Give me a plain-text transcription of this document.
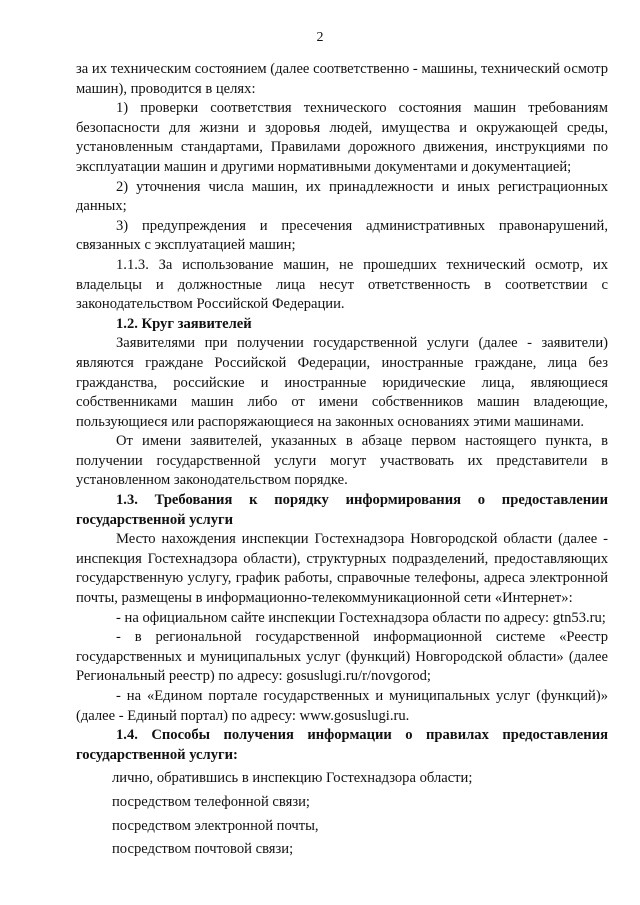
2

за их техническим состоянием (далее соответственно - машины, технический осмотр машин), проводится в целях:

1) проверки соответствия технического состояния машин требованиям безопасности для жизни и здоровья людей, имущества и окружающей среды, установленным стандартами, Правилами дорожного движения, инструкциями по эксплуатации машин и другими нормативными документами и документацией;

2) уточнения числа машин, их принадлежности и иных регистрационных данных;

3) предупреждения и пресечения административных правонарушений, связанных с эксплуатацией машин;

1.1.3. За использование машин, не прошедших технический осмотр, их владельцы и должностные лица несут ответственность в соответствии с законодательством Российской Федерации.

1.2. Круг заявителей

Заявителями при получении государственной услуги (далее - заявители) являются граждане Российской Федерации, иностранные граждане, лица без гражданства, российские и иностранные юридические лица, являющиеся собственниками машин либо от имени собственников машин владеющие, пользующиеся или распоряжающиеся на законных основаниях этими машинами.

От имени заявителей, указанных в абзаце первом настоящего пункта, в получении государственной услуги могут участвовать их представители в установленном законодательством порядке.

1.3. Требования к порядку информирования о предоставлении государственной услуги

Место нахождения инспекции Гостехнадзора Новгородской области (далее - инспекция Гостехнадзора области), структурных подразделений, предоставляющих государственную услугу, график работы, справочные телефоны, адреса электронной почты, размещены в информационно-телекоммуникационной сети «Интернет»:

- на официальном сайте инспекции Гостехнадзора области по адресу: gtn53.ru;

- в региональной государственной информационной системе «Реестр государственных и муниципальных услуг (функций) Новгородской области» (далее Региональный реестр) по адресу: gosuslugi.ru/r/novgorod;

- на «Едином портале государственных и муниципальных услуг (функций)» (далее - Единый портал) по адресу: www.gosuslugi.ru.

1.4. Способы получения информации о правилах предоставления государственной услуги:

лично, обратившись в инспекцию Гостехнадзора области;

посредством телефонной связи;

посредством электронной почты,

посредством почтовой связи;
